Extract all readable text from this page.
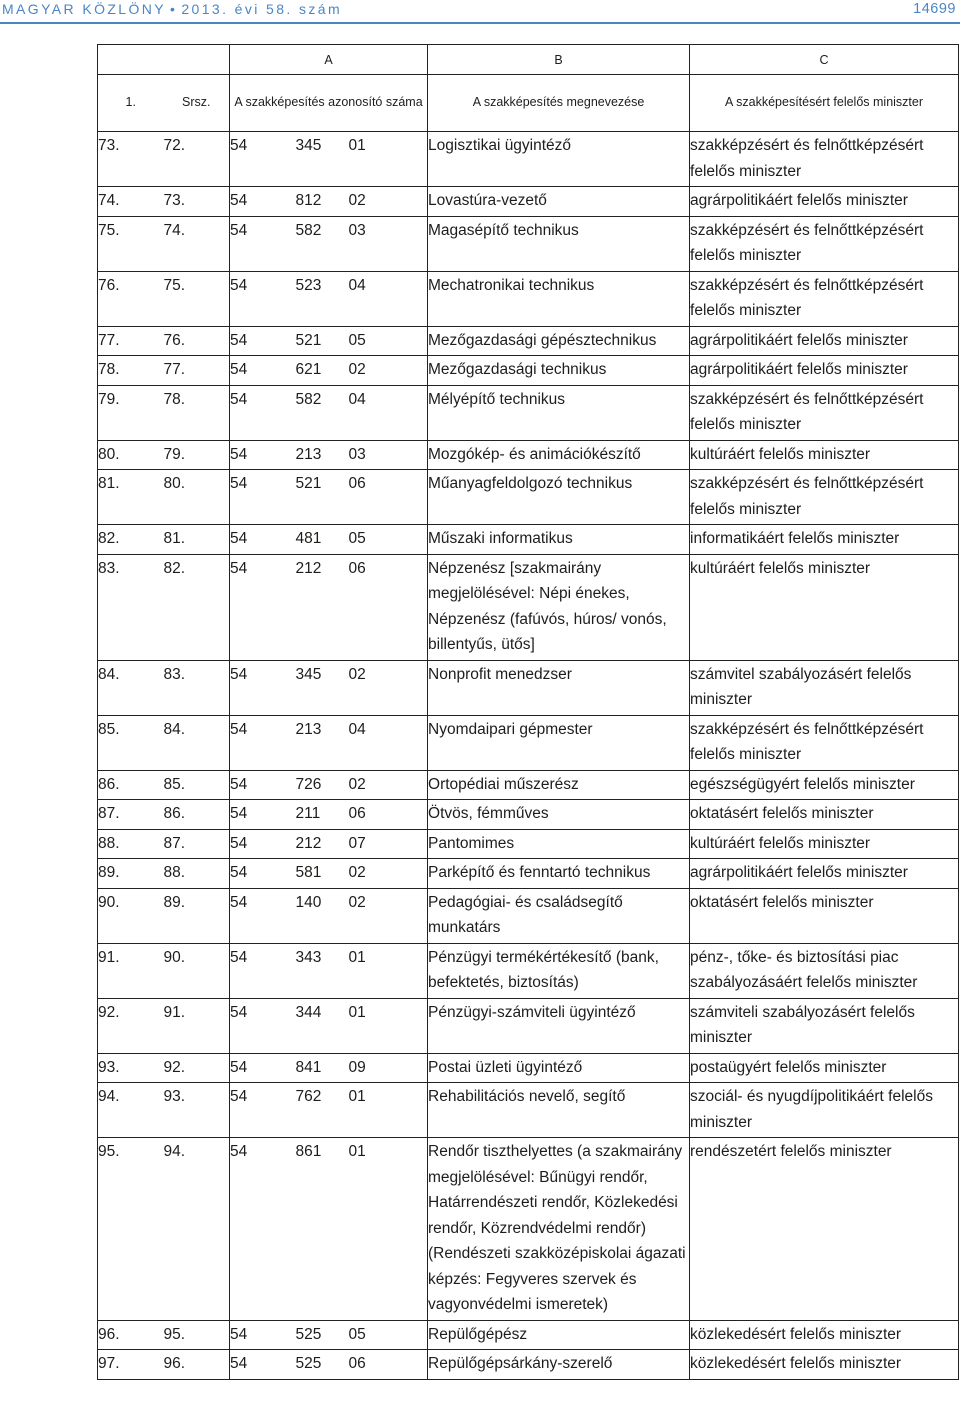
MAGYAR KÖZLÖNY • 2013. évi 58. szám	14699
		A			B	C
1.	Srsz.	A szakképesítés azonosító száma			A szakképesítés megnevezése	A szakképesítésért felelős miniszter
73.	72.	54	345	01	Logisztikai ügyintéző	szakképzésért és felnőttképzésért felelős miniszter
74.	73.	54	812	02	Lovastúra-vezető	agrárpolitikáért felelős miniszter
75.	74.	54	582	03	Magasépítő technikus	szakképzésért és felnőttképzésért felelős miniszter
76.	75.	54	523	04	Mechatronikai technikus	szakképzésért és felnőttképzésért felelős miniszter
77.	76.	54	521	05	Mezőgazdasági gépésztechnikus	agrárpolitikáért felelős miniszter
78.	77.	54	621	02	Mezőgazdasági technikus	agrárpolitikáért felelős miniszter
79.	78.	54	582	04	Mélyépítő technikus	szakképzésért és felnőttképzésért felelős miniszter
80.	79.	54	213	03	Mozgókép- és animációkészítő	kultúráért felelős miniszter
81.	80.	54	521	06	Műanyagfeldolgozó technikus	szakképzésért és felnőttképzésért felelős miniszter
82.	81.	54	481	05	Műszaki informatikus	informatikáért felelős miniszter
83.	82.	54	212	06	Népzenész [szakmairány megjelölésével: Népi énekes, Népzenész (fafúvós, húros/ vonós, billentyűs, ütős]	kultúráért felelős miniszter
84.	83.	54	345	02	Nonprofit menedzser	számvitel szabályozásért felelős miniszter
85.	84.	54	213	04	Nyomdaipari gépmester	szakképzésért és felnőttképzésért felelős miniszter
86.	85.	54	726	02	Ortopédiai műszerész	egészségügyért felelős miniszter
87.	86.	54	211	06	Ötvös, fémműves	oktatásért felelős miniszter
88.	87.	54	212	07	Pantomimes	kultúráért felelős miniszter
89.	88.	54	581	02	Parképítő és fenntartó technikus	agrárpolitikáért felelős miniszter
90.	89.	54	140	02	Pedagógiai- és családsegítő munkatárs	oktatásért felelős miniszter
91.	90.	54	343	01	Pénzügyi termékértékesítő (bank, befektetés, biztosítás)	pénz-, tőke- és biztosítási piac szabályozásáért felelős miniszter
92.	91.	54	344	01	Pénzügyi-számviteli ügyintéző	számviteli szabályozásért felelős miniszter
93.	92.	54	841	09	Postai üzleti ügyintéző	postaügyért felelős miniszter
94.	93.	54	762	01	Rehabilitációs nevelő, segítő	szociál- és nyugdíjpolitikáért felelős miniszter
95.	94.	54	861	01	Rendőr tiszthelyettes (a szakmairány megjelölésével: Bűnügyi rendőr, Határrendészeti rendőr, Közlekedési rendőr, Közrendvédelmi rendőr) (Rendészeti szakközépiskolai ágazati képzés: Fegyveres szervek és vagyonvédelmi ismeretek)	rendészetért felelős miniszter
96.	95.	54	525	05	Repülőgépész	közlekedésért felelős miniszter
97.	96.	54	525	06	Repülőgépsárkány-szerelő	közlekedésért felelős miniszter
